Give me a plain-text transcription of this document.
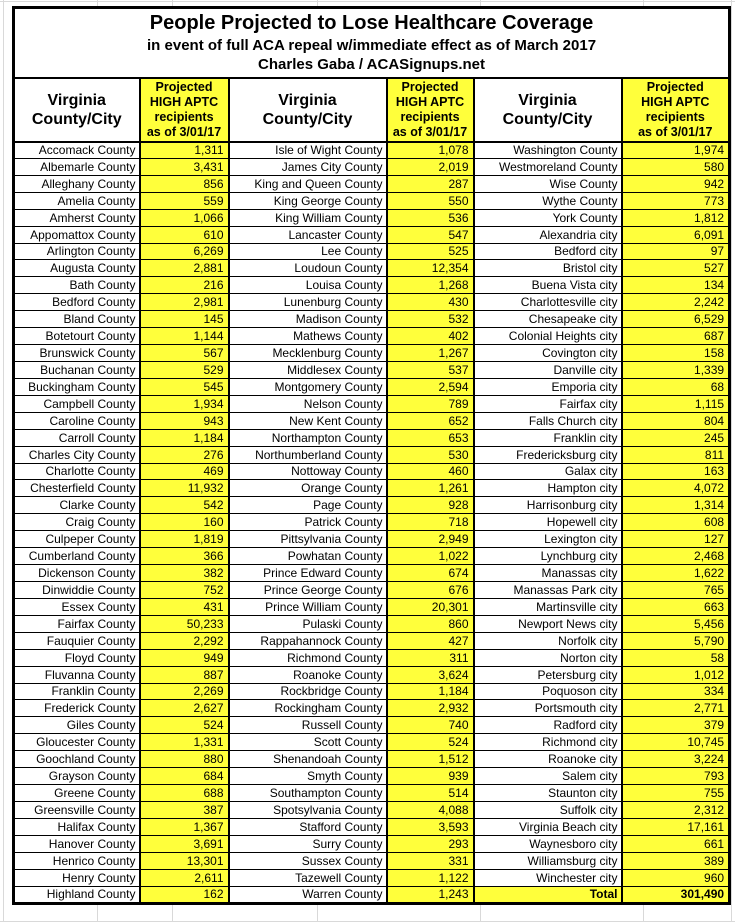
People Projected to Lose Healthcare Coverage
in event of full ACA repeal w/immediate effect as of March 2017
Charles Gaba / ACASignups.net					

Virginia
County/City

Projected
HIGH APTC
recipients
as of 3/01/17

Virginia
County/City

Projected
HIGH APTC
recipients
as of 3/01/17

Virginia
County/City

Projected
HIGH APTC
recipients
as of 3/01/17

Accomack County	1,311	Isle of Wight County	1,078	Washington County	1,974
Albemarle County	3,431	James City County	2,019	Westmoreland County	580
Alleghany County	856	King and Queen County	287	Wise County	942
Amelia County	559	King George County	550	Wythe County	773
Amherst County	1,066	King William County	536	York County	1,812
Appomattox County	610	Lancaster County	547	Alexandria city	6,091
Arlington County	6,269	Lee County	525	Bedford city	97
Augusta County	2,881	Loudoun County	12,354	Bristol city	527
Bath County	216	Louisa County	1,268	Buena Vista city	134
Bedford County	2,981	Lunenburg County	430	Charlottesville city	2,242
Bland County	145	Madison County	532	Chesapeake city	6,529
Botetourt County	1,144	Mathews County	402	Colonial Heights city	687
Brunswick County	567	Mecklenburg County	1,267	Covington city	158
Buchanan County	529	Middlesex County	537	Danville city	1,339
Buckingham County	545	Montgomery County	2,594	Emporia city	68
Campbell County	1,934	Nelson County	789	Fairfax city	1,115
Caroline County	943	New Kent County	652	Falls Church city	804
Carroll County	1,184	Northampton County	653	Franklin city	245
Charles City County	276	Northumberland County	530	Fredericksburg city	811
Charlotte County	469	Nottoway County	460	Galax city	163
Chesterfield County	11,932	Orange County	1,261	Hampton city	4,072
Clarke County	542	Page County	928	Harrisonburg city	1,314
Craig County	160	Patrick County	718	Hopewell city	608
Culpeper County	1,819	Pittsylvania County	2,949	Lexington city	127
Cumberland County	366	Powhatan County	1,022	Lynchburg city	2,468
Dickenson County	382	Prince Edward County	674	Manassas city	1,622
Dinwiddie County	752	Prince George County	676	Manassas Park city	765
Essex County	431	Prince William County	20,301	Martinsville city	663
Fairfax County	50,233	Pulaski County	860	Newport News city	5,456
Fauquier County	2,292	Rappahannock County	427	Norfolk city	5,790
Floyd County	949	Richmond County	311	Norton city	58
Fluvanna County	887	Roanoke County	3,624	Petersburg city	1,012
Franklin County	2,269	Rockbridge County	1,184	Poquoson city	334
Frederick County	2,627	Rockingham County	2,932	Portsmouth city	2,771
Giles County	524	Russell County	740	Radford city	379
Gloucester County	1,331	Scott County	524	Richmond city	10,745
Goochland County	880	Shenandoah County	1,512	Roanoke city	3,224
Grayson County	684	Smyth County	939	Salem city	793
Greene County	688	Southampton County	514	Staunton city	755
Greensville County	387	Spotsylvania County	4,088	Suffolk city	2,312
Halifax County	1,367	Stafford County	3,593	Virginia Beach city	17,161
Hanover County	3,691	Surry County	293	Waynesboro city	661
Henrico County	13,301	Sussex County	331	Williamsburg city	389
Henry County	2,611	Tazewell County	1,122	Winchester city	960
Highland County	162	Warren County	1,243	Total	301,490
